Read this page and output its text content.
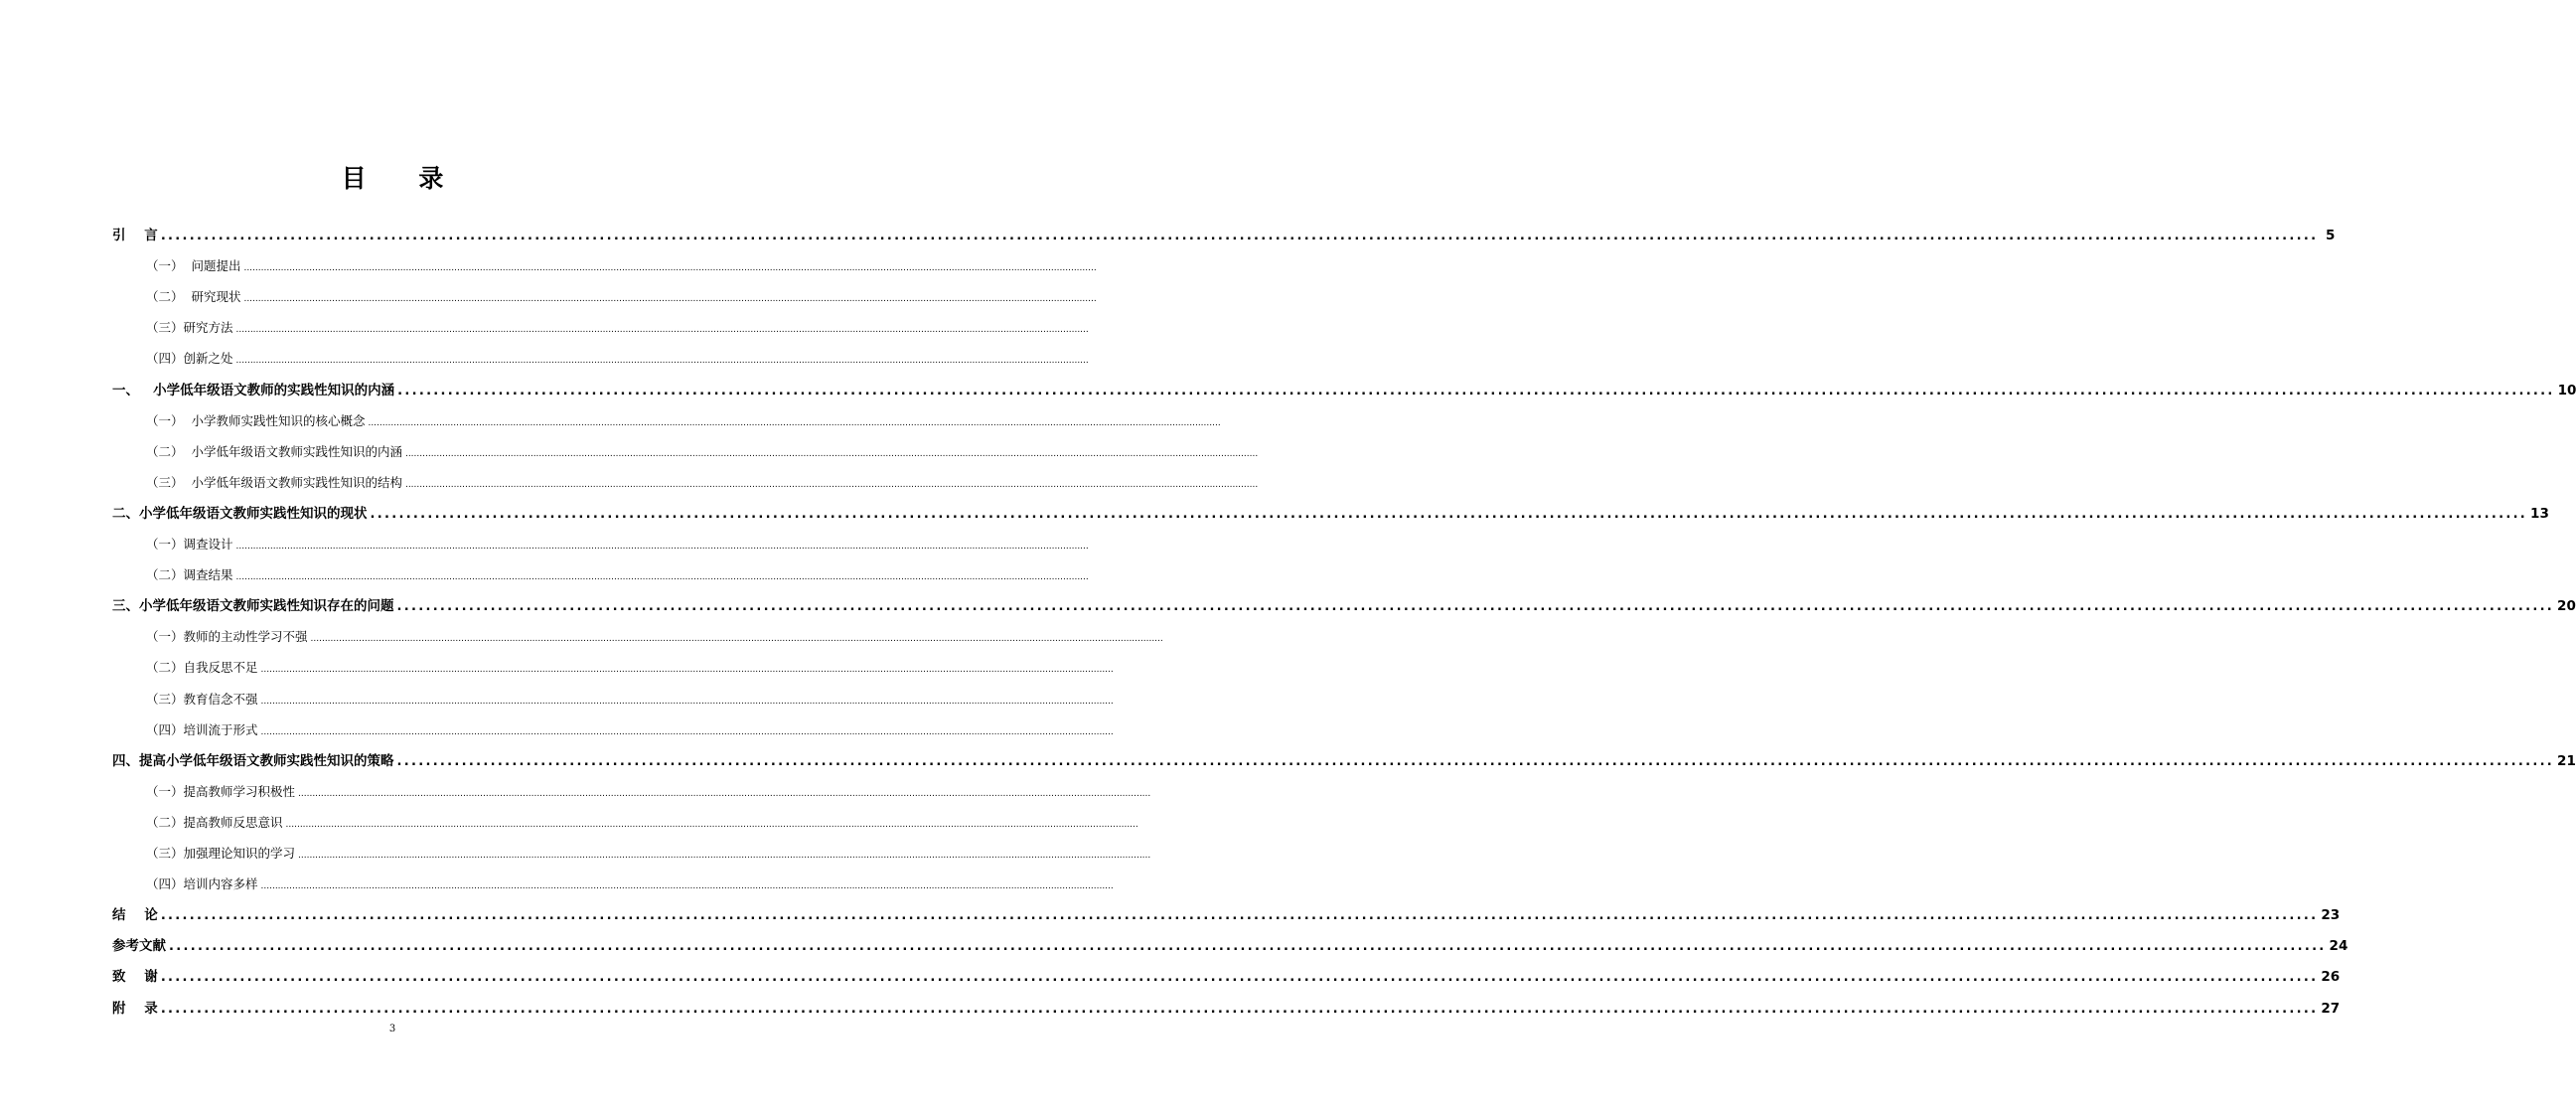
目 录
引    言 ............................................................................................................................................................................................................................................................................................................ 5
（一）  问题提出 ............................................................................................................................................................................................................................................................................................................
（二）  研究现状 ............................................................................................................................................................................................................................................................................................................
（三）研究方法 ............................................................................................................................................................................................................................................................................................................
（四）创新之处 ............................................................................................................................................................................................................................................................................................................
一、   小学低年级语文教师的实践性知识的内涵 ............................................................................................................................................................................................................................................................................................................ 10
（一）  小学教师实践性知识的核心概念 ............................................................................................................................................................................................................................................................................................................
（二）  小学低年级语文教师实践性知识的内涵 ............................................................................................................................................................................................................................................................................................................
（三）  小学低年级语文教师实践性知识的结构 ............................................................................................................................................................................................................................................................................................................
二、小学低年级语文教师实践性知识的现状 ............................................................................................................................................................................................................................................................................................................ 13
（一）调查设计 ............................................................................................................................................................................................................................................................................................................
（二）调查结果 ............................................................................................................................................................................................................................................................................................................
三、小学低年级语文教师实践性知识存在的问题 ............................................................................................................................................................................................................................................................................................................ 20
（一）教师的主动性学习不强 ............................................................................................................................................................................................................................................................................................................
（二）自我反思不足 ............................................................................................................................................................................................................................................................................................................
（三）教育信念不强 ............................................................................................................................................................................................................................................................................................................
（四）培训流于形式 ............................................................................................................................................................................................................................................................................................................
四、提高小学低年级语文教师实践性知识的策略 ............................................................................................................................................................................................................................................................................................................ 21
（一）提高教师学习积极性 ............................................................................................................................................................................................................................................................................................................
（二）提高教师反思意识 ............................................................................................................................................................................................................................................................................................................
（三）加强理论知识的学习 ............................................................................................................................................................................................................................................................................................................
（四）培训内容多样 ............................................................................................................................................................................................................................................................................................................
结    论 ............................................................................................................................................................................................................................................................................................................ 23
参考文献 ............................................................................................................................................................................................................................................................................................................ 24
致    谢 ............................................................................................................................................................................................................................................................................................................ 26
附    录 ............................................................................................................................................................................................................................................................................................................ 27
3
